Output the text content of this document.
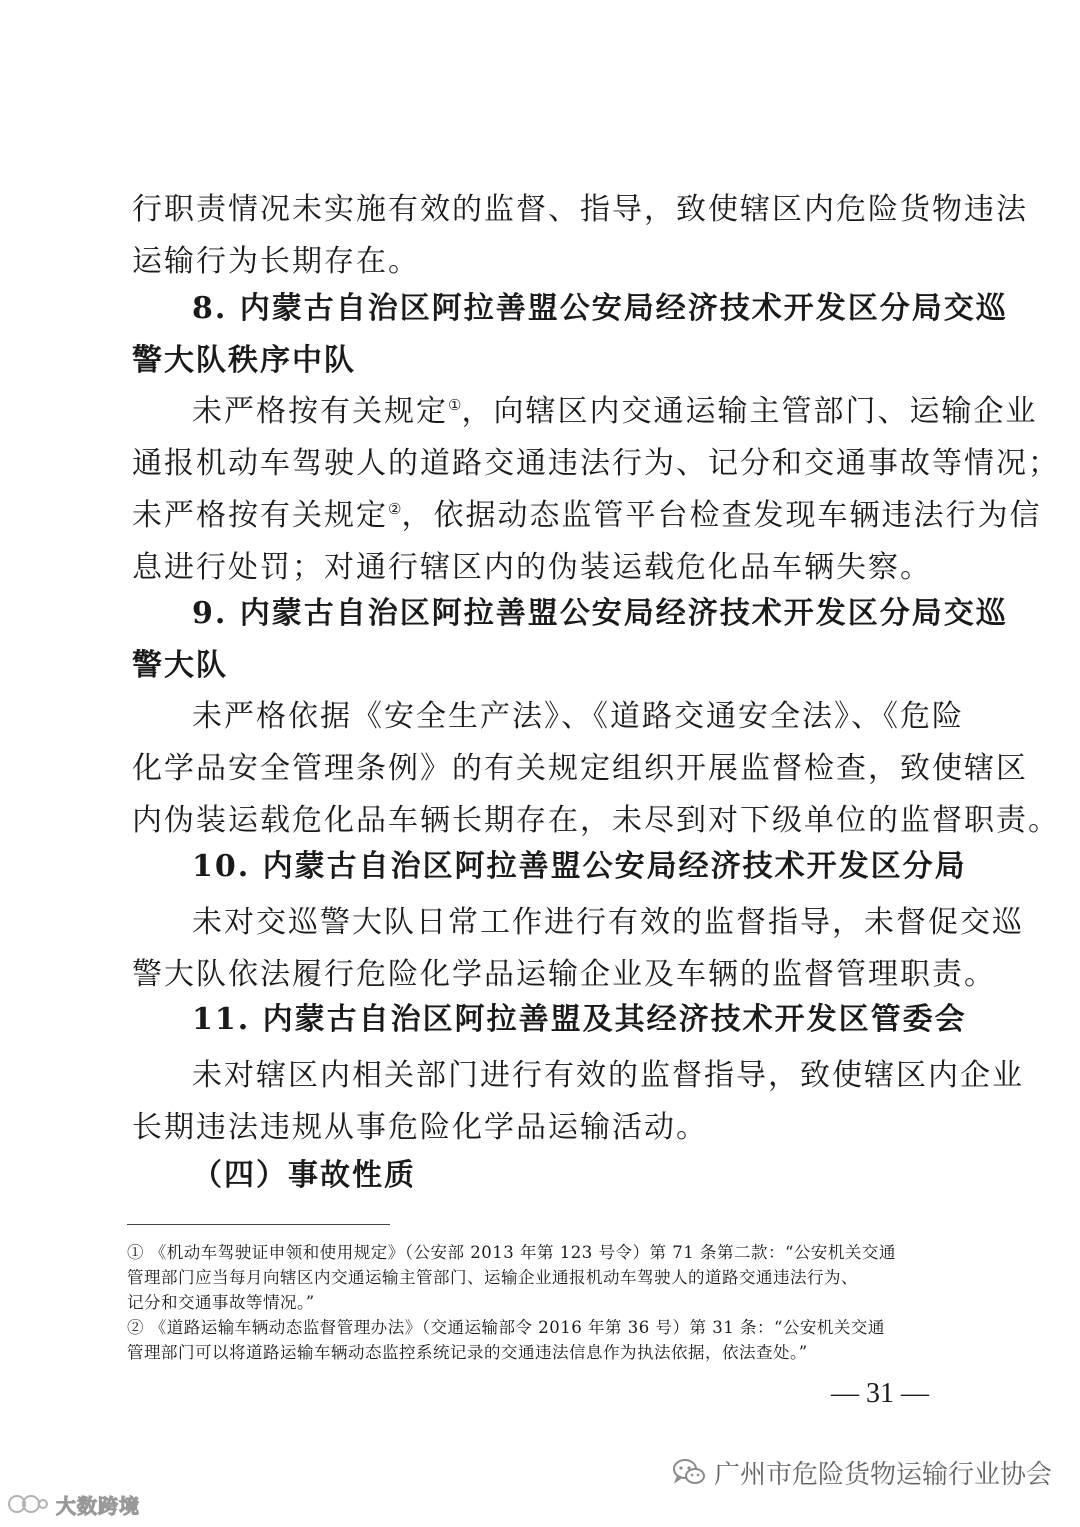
行职责情况未实施有效的监督、指导，致使辖区内危险货物违法
运输行为长期存在。
8. 内蒙古自治区阿拉善盟公安局经济技术开发区分局交巡
警大队秩序中队
未严格按有关规定①，向辖区内交通运输主管部门、运输企业
通报机动车驾驶人的道路交通违法行为、记分和交通事故等情况；
未严格按有关规定②，依据动态监管平台检查发现车辆违法行为信
息进行处罚；对通行辖区内的伪装运载危化品车辆失察。
9. 内蒙古自治区阿拉善盟公安局经济技术开发区分局交巡
警大队
未严格依据《安全生产法》、《道路交通安全法》、《危险
化学品安全管理条例》的有关规定组织开展监督检查，致使辖区
内伪装运载危化品车辆长期存在，未尽到对下级单位的监督职责。
10. 内蒙古自治区阿拉善盟公安局经济技术开发区分局
未对交巡警大队日常工作进行有效的监督指导，未督促交巡
警大队依法履行危险化学品运输企业及车辆的监督管理职责。
11. 内蒙古自治区阿拉善盟及其经济技术开发区管委会
未对辖区内相关部门进行有效的监督指导，致使辖区内企业
长期违法违规从事危险化学品运输活动。
（四）事故性质
① 《机动车驾驶证申领和使用规定》（公安部 2013 年第 123 号令）第 71 条第二款：“公安机关交通
管理部门应当每月向辖区内交通运输主管部门、运输企业通报机动车驾驶人的道路交通违法行为、
记分和交通事故等情况。”
② 《道路运输车辆动态监督管理办法》（交通运输部令 2016 年第 36 号）第 31 条：“公安机关交通
管理部门可以将道路运输车辆动态监控系统记录的交通违法信息作为执法依据，依法查处。”
— 31 —
广州市危险货物运输行业协会
大数跨境
